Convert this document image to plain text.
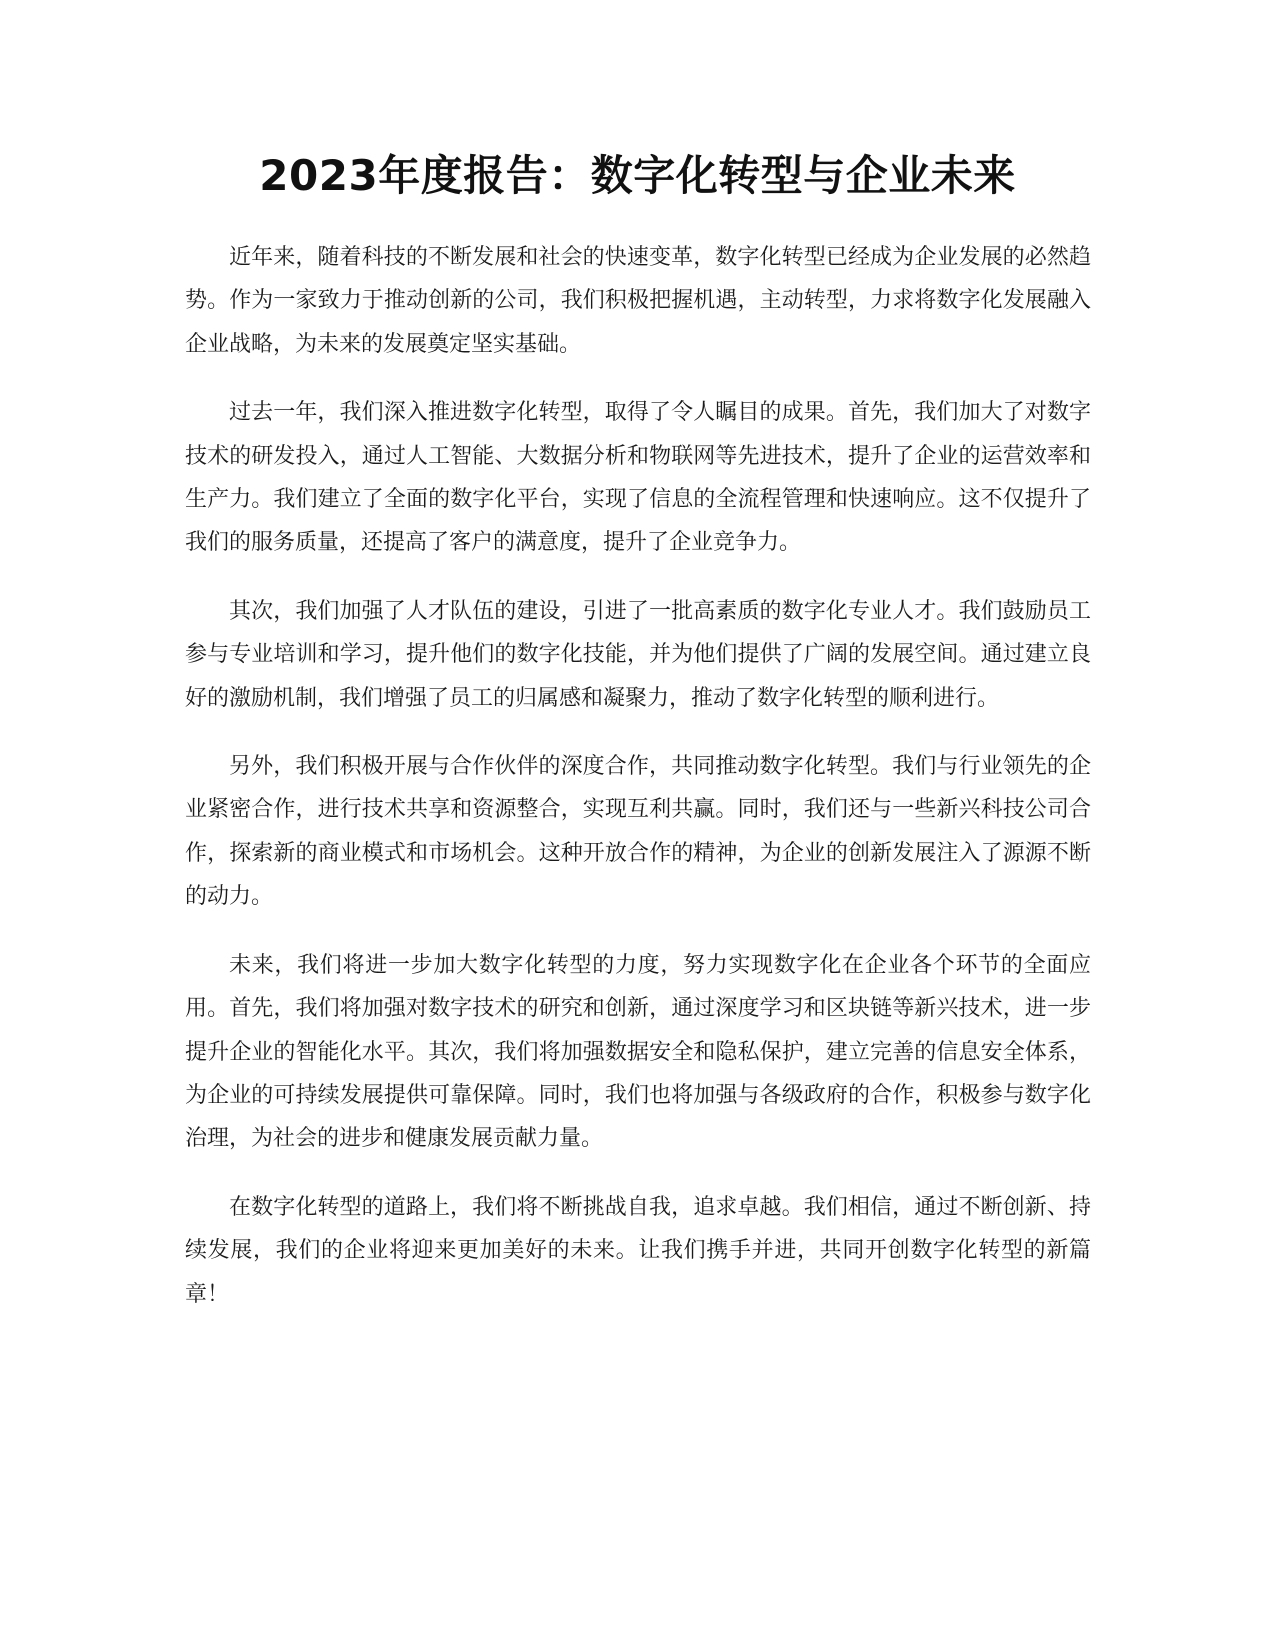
2023年度报告：数字化转型与企业未来

近年来，随着科技的不断发展和社会的快速变革，数字化转型已经成为企业发展的必然趋势。作为一家致力于推动创新的公司，我们积极把握机遇，主动转型，力求将数字化发展融入企业战略，为未来的发展奠定坚实基础。

过去一年，我们深入推进数字化转型，取得了令人瞩目的成果。首先，我们加大了对数字技术的研发投入，通过人工智能、大数据分析和物联网等先进技术，提升了企业的运营效率和生产力。我们建立了全面的数字化平台，实现了信息的全流程管理和快速响应。这不仅提升了我们的服务质量，还提高了客户的满意度，提升了企业竞争力。

其次，我们加强了人才队伍的建设，引进了一批高素质的数字化专业人才。我们鼓励员工参与专业培训和学习，提升他们的数字化技能，并为他们提供了广阔的发展空间。通过建立良好的激励机制，我们增强了员工的归属感和凝聚力，推动了数字化转型的顺利进行。

另外，我们积极开展与合作伙伴的深度合作，共同推动数字化转型。我们与行业领先的企业紧密合作，进行技术共享和资源整合，实现互利共赢。同时，我们还与一些新兴科技公司合作，探索新的商业模式和市场机会。这种开放合作的精神，为企业的创新发展注入了源源不断的动力。

未来，我们将进一步加大数字化转型的力度，努力实现数字化在企业各个环节的全面应用。首先，我们将加强对数字技术的研究和创新，通过深度学习和区块链等新兴技术，进一步提升企业的智能化水平。其次，我们将加强数据安全和隐私保护，建立完善的信息安全体系，为企业的可持续发展提供可靠保障。同时，我们也将加强与各级政府的合作，积极参与数字化治理，为社会的进步和健康发展贡献力量。

在数字化转型的道路上，我们将不断挑战自我，追求卓越。我们相信，通过不断创新、持续发展，我们的企业将迎来更加美好的未来。让我们携手并进，共同开创数字化转型的新篇章！
